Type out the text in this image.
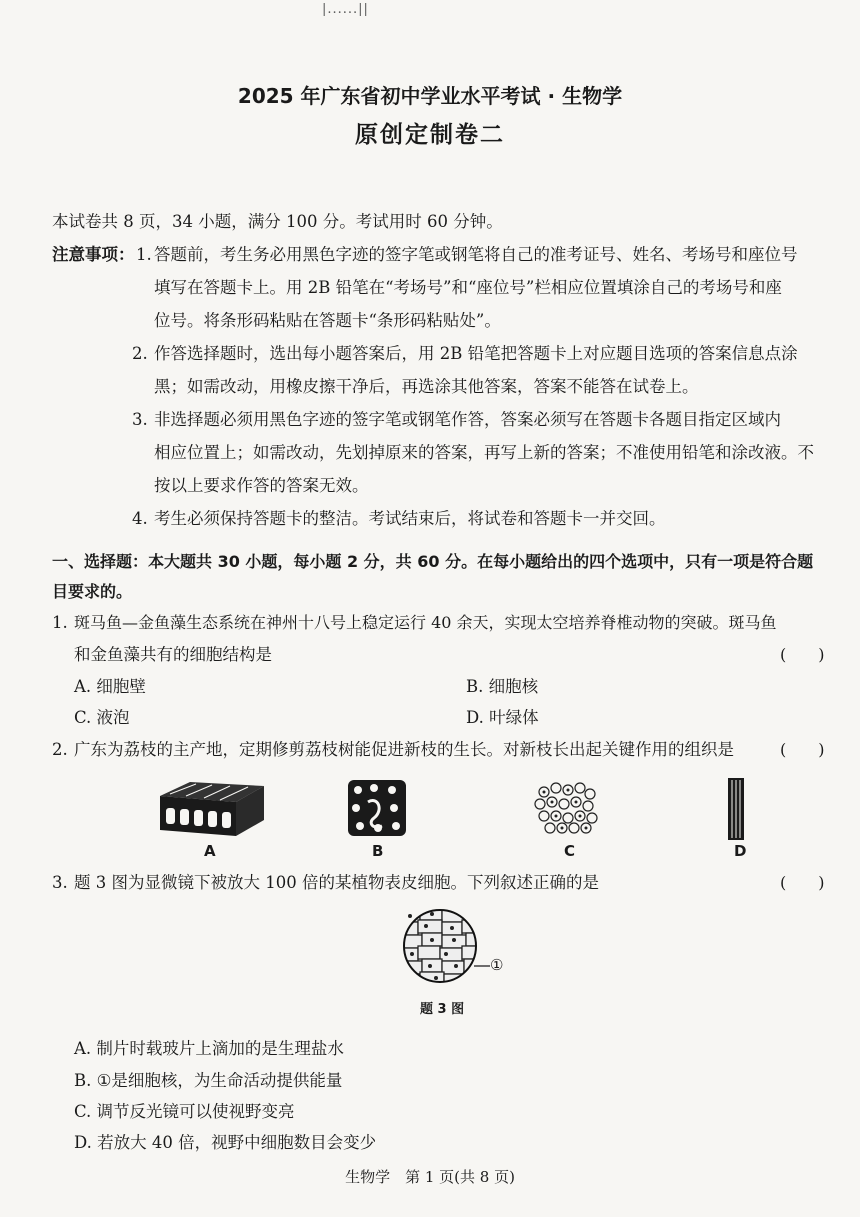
|......||
2025 年广东省初中学业水平考试 · 生物学
原创定制卷二
本试卷共 8 页，34 小题，满分 100 分。考试用时 60 分钟。
注意事项： 1. 答题前，考生务必用黑色字迹的签字笔或钢笔将自己的准考证号、姓名、考场号和座位号
填写在答题卡上。用 2B 铅笔在“考场号”和“座位号”栏相应位置填涂自己的考场号和座
位号。将条形码粘贴在答题卡“条形码粘贴处”。
2. 作答选择题时，选出每小题答案后，用 2B 铅笔把答题卡上对应题目选项的答案信息点涂
黑；如需改动，用橡皮擦干净后，再选涂其他答案，答案不能答在试卷上。
3. 非选择题必须用黑色字迹的签字笔或钢笔作答，答案必须写在答题卡各题目指定区域内
相应位置上；如需改动，先划掉原来的答案，再写上新的答案；不准使用铅笔和涂改液。不
按以上要求作答的答案无效。
4. 考生必须保持答题卡的整洁。考试结束后，将试卷和答题卡一并交回。
一、选择题：本大题共 30 小题，每小题 2 分，共 60 分。在每小题给出的四个选项中，只有一项是符合题
目要求的。
1. 斑马鱼—金鱼藻生态系统在神州十八号上稳定运行 40 余天，实现太空培养脊椎动物的突破。斑马鱼
和金鱼藻共有的细胞结构是	(　　)
A. 细胞壁	B. 细胞核
C. 液泡	D. 叶绿体
2. 广东为荔枝的主产地，定期修剪荔枝树能促进新枝的生长。对新枝长出起关键作用的组织是	(　　)
A	B	C	D
3. 题 3 图为显微镜下被放大 100 倍的某植物表皮细胞。下列叙述正确的是	(　　)
①
题 3 图
A. 制片时载玻片上滴加的是生理盐水
B. ①是细胞核，为生命活动提供能量
C. 调节反光镜可以使视野变亮
D. 若放大 40 倍，视野中细胞数目会变少
生物学　第 1 页(共 8 页)
